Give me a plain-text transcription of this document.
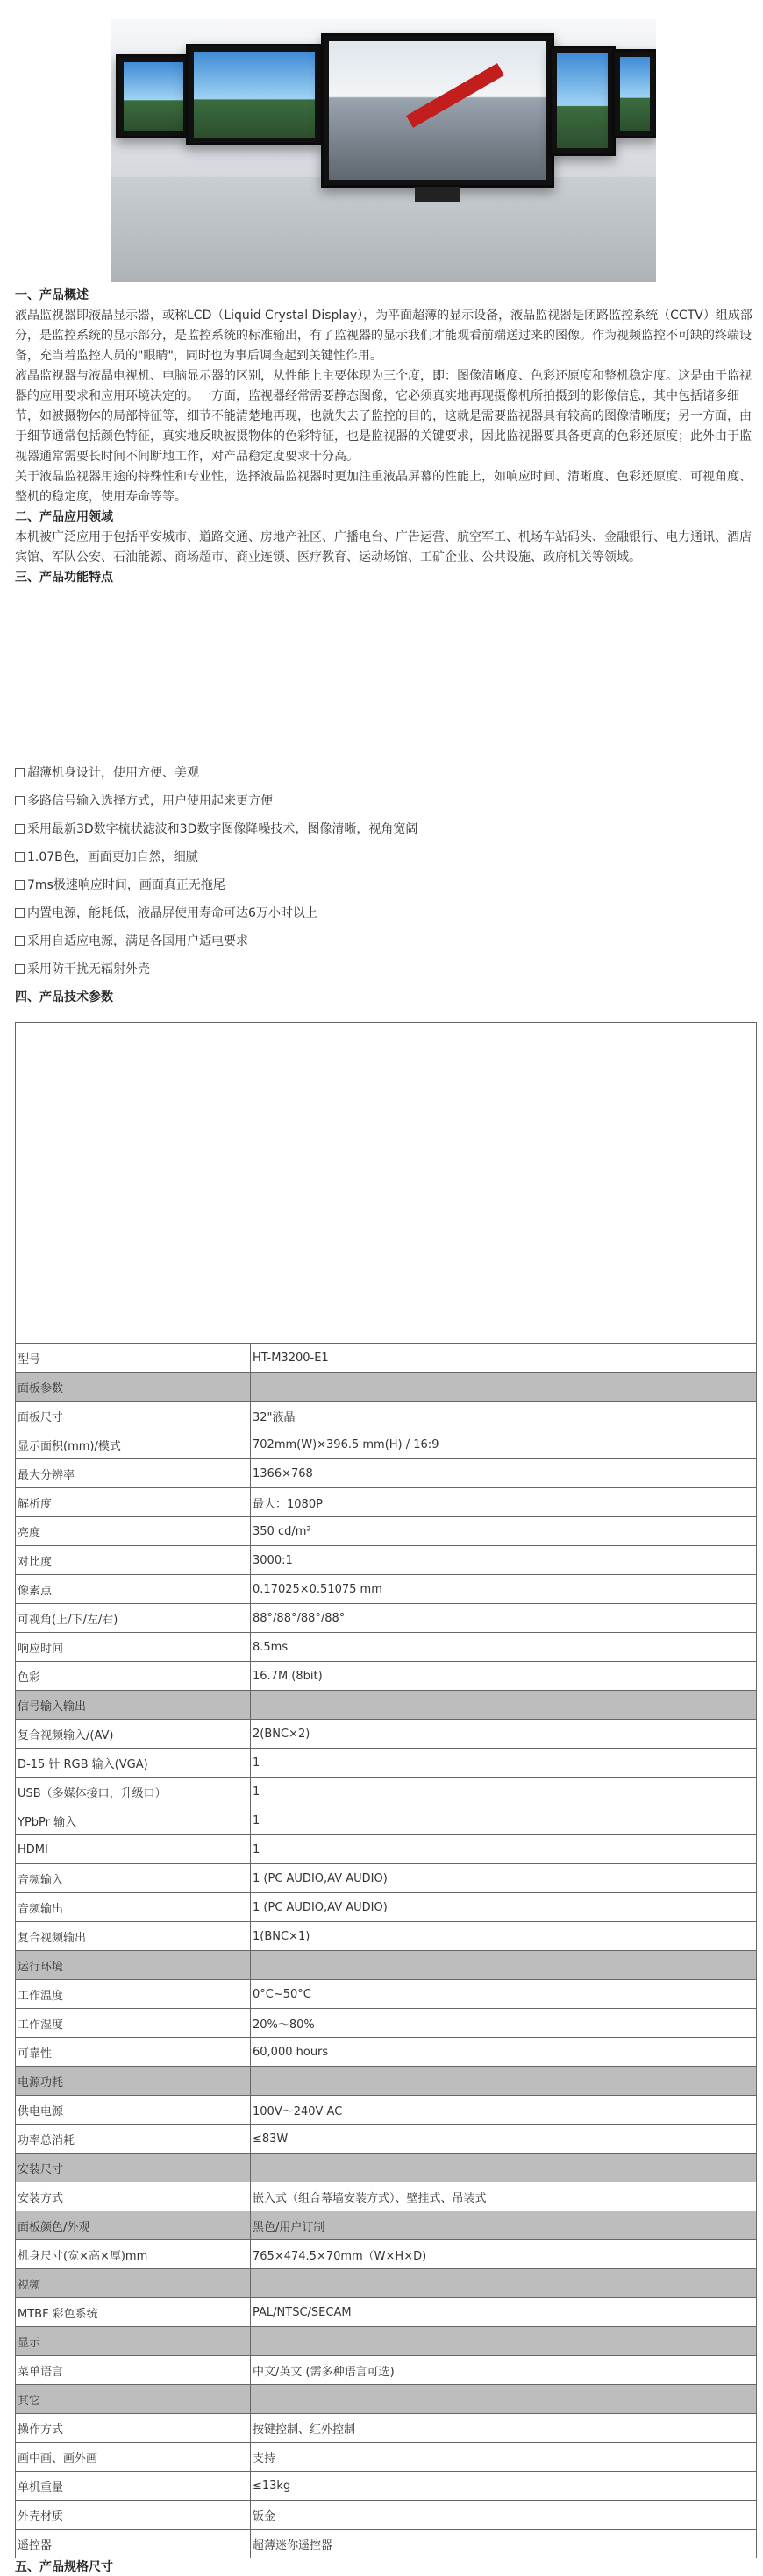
一、产品概述

液晶监视器即液晶显示器，或称LCD（Liquid Crystal Display），为平面超薄的显示设备，液晶监视器是闭路监控系统（CCTV）组成部分，是监控系统的显示部分，是监控系统的标准输出，有了监视器的显示我们才能观看前端送过来的图像。作为视频监控不可缺的终端设备，充当着监控人员的"眼睛"，同时也为事后调查起到关键性作用。

液晶监视器与液晶电视机、电脑显示器的区别，从性能上主要体现为三个度，即：图像清晰度、色彩还原度和整机稳定度。这是由于监视器的应用要求和应用环境决定的。一方面，监视器经常需要静态图像，它必须真实地再现摄像机所拍摄到的影像信息，其中包括诸多细节，如被摄物体的局部特征等，细节不能清楚地再现，也就失去了监控的目的，这就是需要监视器具有较高的图像清晰度；另一方面，由于细节通常包括颜色特征，真实地反映被摄物体的色彩特征，也是监视器的关键要求，因此监视器要具备更高的色彩还原度；此外由于监视器通常需要长时间不间断地工作，对产品稳定度要求十分高。

关于液晶监视器用途的特殊性和专业性，选择液晶监视器时更加注重液晶屏幕的性能上，如响应时间、清晰度、色彩还原度、可视角度、整机的稳定度，使用寿命等等。

二、产品应用领域

本机被广泛应用于包括平安城市、道路交通、房地产社区、广播电台、广告运营、航空军工、机场车站码头、金融银行、电力通讯、酒店宾馆、军队公安、石油能源、商场超市、商业连锁、医疗教育、运动场馆、工矿企业、公共设施、政府机关等领域。

三、产品功能特点

超薄机身设计，使用方便、美观
多路信号输入选择方式，用户使用起来更方便
采用最新3D数字梳状滤波和3D数字图像降噪技术，图像清晰，视角宽阔
1.07B色，画面更加自然，细腻
7ms极速响应时间，画面真正无拖尾
内置电源，能耗低，液晶屏使用寿命可达6万小时以上
采用自适应电源，满足各国用户适电要求
采用防干扰无辐射外壳
四、产品技术参数

型号	HT-M3200-E1
面板参数	
面板尺寸	32"液晶
显示面积(mm)/模式	702mm(W)×396.5 mm(H) / 16:9
最大分辨率	1366×768
解析度	最大：1080P
亮度	350 cd/m²
对比度	3000:1
像素点	0.17025×0.51075 mm
可视角(上/下/左/右)	88°/88°/88°/88°
响应时间	8.5ms
色彩	16.7M (8bit)
信号输入输出	
复合视频输入/(AV)	2(BNC×2)
D-15 针 RGB 输入(VGA)	1
USB（多媒体接口，升级口）	1
YPbPr 输入	1
HDMI	1
音频输入	1 (PC AUDIO,AV AUDIO)
音频输出	1 (PC AUDIO,AV AUDIO)
复合视频输出	1(BNC×1)
运行环境	
工作温度	0°C~50°C
工作湿度	20%～80%
可靠性	60,000 hours
电源功耗	
供电电源	100V～240V AC
功率总消耗	≤83W
安装尺寸	
安装方式	嵌入式（组合幕墙安装方式）、壁挂式、吊装式
面板颜色/外观	黑色/用户订制
机身尺寸(宽×高×厚)mm	765×474.5×70mm（W×H×D)
视频	
MTBF 彩色系统	PAL/NTSC/SECAM
显示	
菜单语言	中文/英文 (需多种语言可选)
其它	
操作方式	按键控制、红外控制
画中画、画外画	支持
单机重量	≤13kg
外壳材质	钣金
遥控器	超薄迷你遥控器
五、产品规格尺寸
